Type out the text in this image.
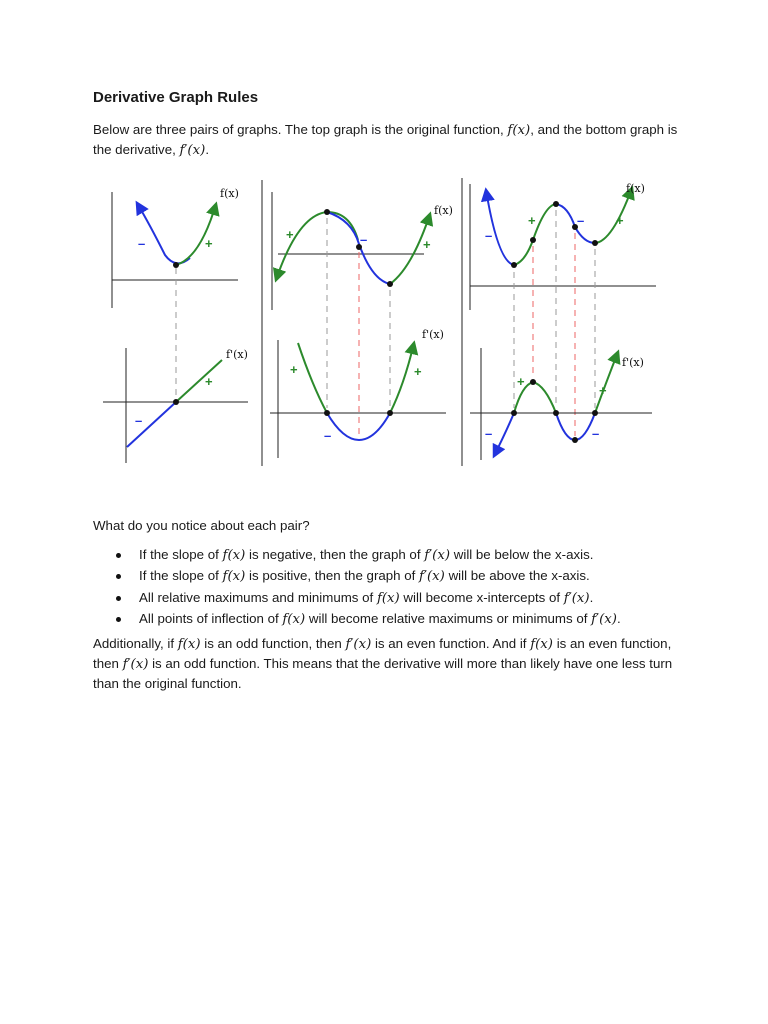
Derivative Graph Rules

Below are three pairs of graphs. The top graph is the original function, f(x), and the bottom graph is the derivative, f′(x).

f(x)
–	+
f'(x)
–
+
f(x)
+	–	+
f'(x)
+
–
+
f(x)
–
+	– +
f'(x)
+
–	–
+

What do you notice about each pair?

If the slope of f(x) is negative, then the graph of f′(x) will be below the x-axis.
If the slope of f(x) is positive, then the graph of f′(x) will be above the x-axis.
All relative maximums and minimums of f(x) will become x-intercepts of f′(x).
All points of inflection of f(x) will become relative maximums or minimums of f′(x).

Additionally, if f(x) is an odd function, then f′(x) is an even function. And if f(x) is an even function, then f′(x) is an odd function. This means that the derivative will more than likely have one less turn than the original function.
